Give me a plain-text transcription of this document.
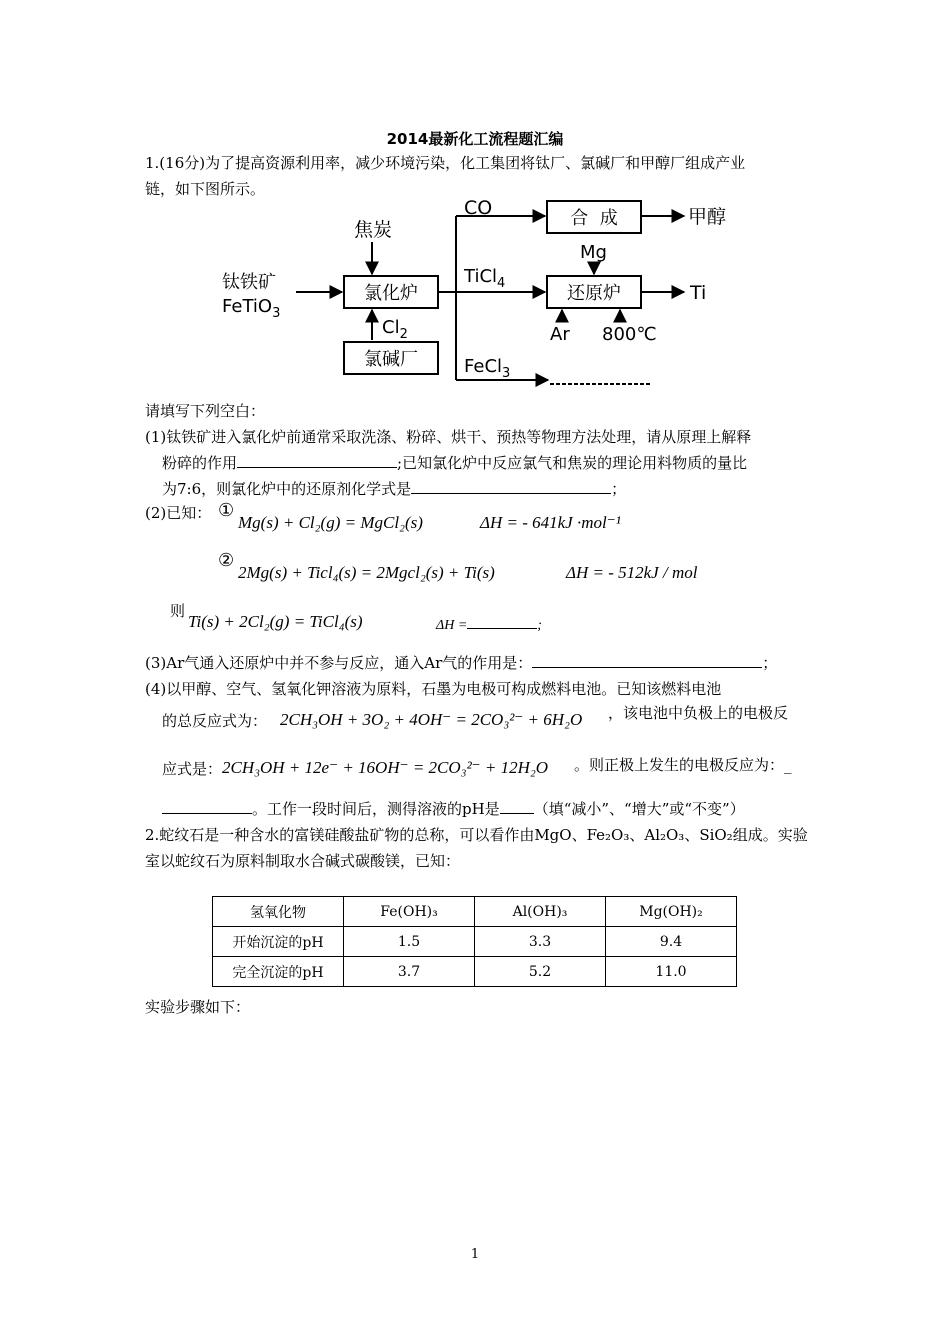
2014最新化工流程题汇编
1.(16分)为了提高资源利用率，减少环境污染，化工集团将钛厂、氯碱厂和甲醇厂组成产业
链，如下图所示。
焦炭
钛铁矿
FeTiO$_3$
氯化炉
$Cl_2$
氯碱厂
CO	合  成	甲醇
Mg
TiCl$_4$	还原炉	Ti
Ar 800℃
FeCl$_3$
请填写下列空白：
(1)钛铁矿进入氯化炉前通常采取洗涤、粉碎、烘干、预热等物理方法处理，请从原理上解释
粉碎的作用	;已知氯化炉中反应氯气和焦炭的理论用料物质的量比
为7:6，则氯化炉中的还原剂化学式是	；
(2)已知： ①
Mg(s) + Cl₂(g) = MgCl₂(s)	ΔH = - 641kJ ·mol⁻¹
②
2Mg(s) + Ticl₄(s) = 2Mgcl₂(s) + Ti(s)	ΔH = - 512kJ / mol
则
Ti(s) + 2Cl₂(g) = TiCl₄(s)	ΔH =	;
(3)Ar气通入还原炉中并不参与反应，通入Ar气的作用是：	；
(4)以甲醇、空气、氢氧化钾溶液为原料，石墨为电极可构成燃料电池。已知该燃料电池
的总反应式为： 2CH₃OH + 3O₂ + 4OH⁻ = 2CO₃²⁻ + 6H₂O ，该电池中负极上的电极反
应式是： 2CH₃OH + 12e⁻ + 16OH⁻ = 2CO₃²⁻ + 12H₂O 。则正极上发生的电极反应为：_
。工作一段时间后，测得溶液的pH是 （填“减小”、“增大”或“不变”）
2.蛇纹石是一种含水的富镁硅酸盐矿物的总称，可以看作由MgO、Fe₂O₃、Al₂O₃、SiO₂组成。实验
室以蛇纹石为原料制取水合碱式碳酸镁，已知：
氢氧化物	Fe(OH)₃	Al(OH)₃	Mg(OH)₂
开始沉淀的pH	1.5	3.3	9.4
完全沉淀的pH	3.7	5.2	11.0
实验步骤如下：
1
